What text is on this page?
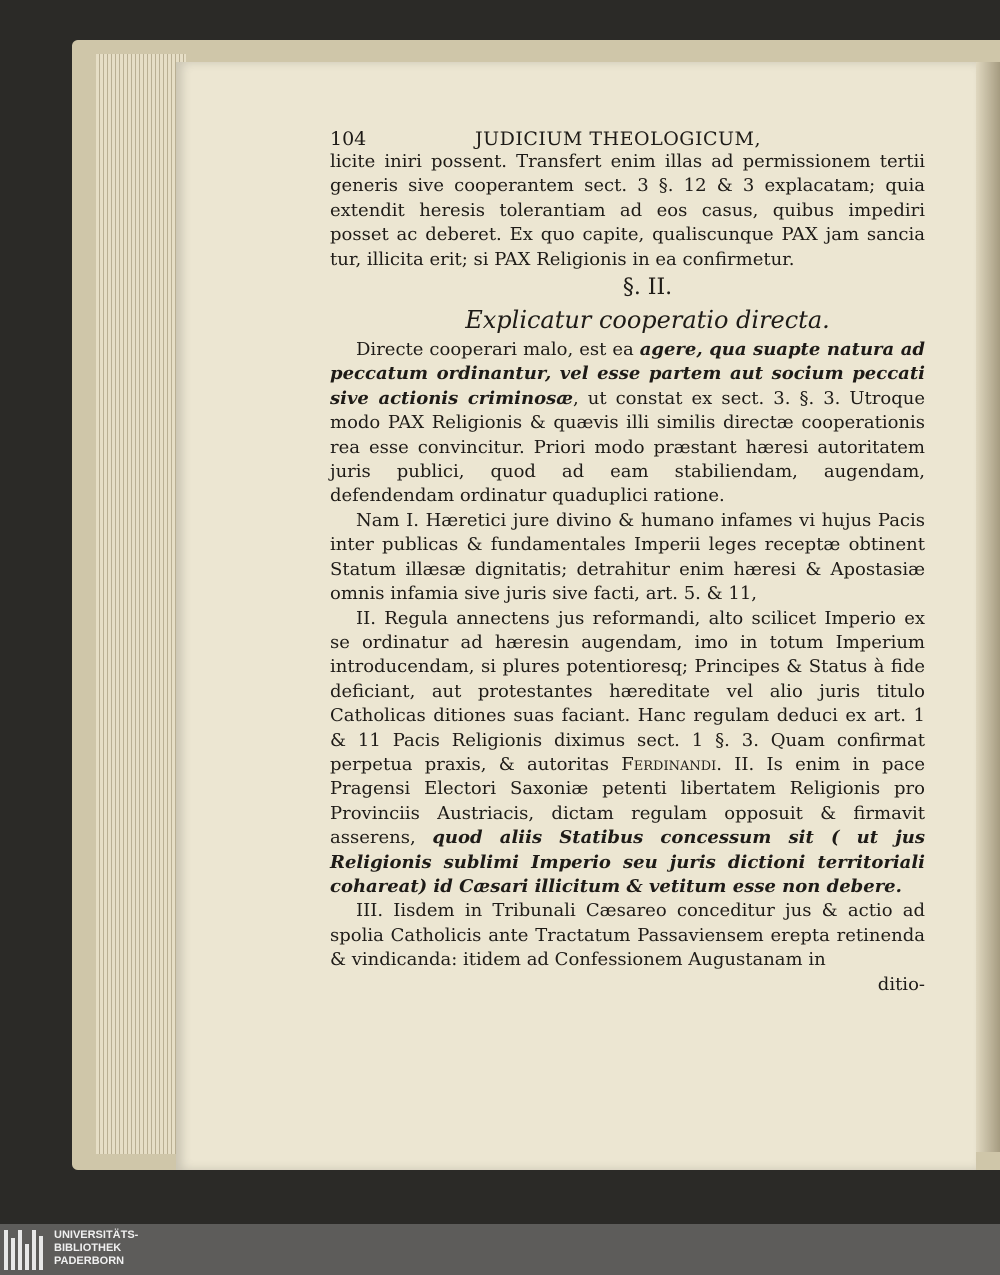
104	JUDICIUM THEOLOGICUM,

licite iniri possent. Transfert enim illas ad permissionem tertii generis sive cooperantem sect. 3 §. 12 & 3 explacatam; quia extendit heresis tolerantiam ad eos casus, quibus impediri posset ac deberet. Ex quo capite, qualiscunque PAX jam sancia tur, illicita erit; si PAX Religionis in ea confirmetur.

§. II.
Explicatur cooperatio directa.

Directe cooperari malo, est ea agere, qua suapte natura ad peccatum ordinantur, vel esse partem aut socium peccati sive actionis criminosæ, ut constat ex sect. 3. §. 3. Utroque modo PAX Religionis & quævis illi similis directæ cooperationis rea esse convincitur. Priori modo præstant hæresi autoritatem juris publici, quod ad eam stabiliendam, augendam, defendendam ordinatur quaduplici ratione.

Nam I. Hæretici jure divino & humano infames vi hujus Pacis inter publicas & fundamentales Imperii leges receptæ obtinent Statum illæsæ dignitatis; detrahitur enim hæresi & Apostasiæ omnis infamia sive juris sive facti, art. 5. & 11,

II. Regula annectens jus reformandi, alto scilicet Imperio ex se ordinatur ad hæresin augendam, imo in totum Imperium introducendam, si plures potentioresq; Principes & Status à fide deficiant, aut protestantes hæreditate vel alio juris titulo Catholicas ditiones suas faciant. Hanc regulam deduci ex art. 1 & 11 Pacis Religionis diximus sect. 1 §. 3. Quam confirmat perpetua praxis, & autoritas Ferdinandi. II. Is enim in pace Pragensi Electori Saxoniæ petenti libertatem Religionis pro Provinciis Austriacis, dictam regulam opposuit & firmavit asserens, quod aliis Statibus concessum sit ( ut jus Religionis sublimi Imperio seu juris dictioni territoriali cohareat) id Cæsari illicitum & vetitum esse non debere.

III. Iisdem in Tribunali Cæsareo conceditur jus & actio ad spolia Catholicis ante Tractatum Passaviensem erepta retinenda & vindicanda: itidem ad Confessionem Augustanam in

ditio-

UNIVERSITÄTS-
BIBLIOTHEK
PADERBORN
